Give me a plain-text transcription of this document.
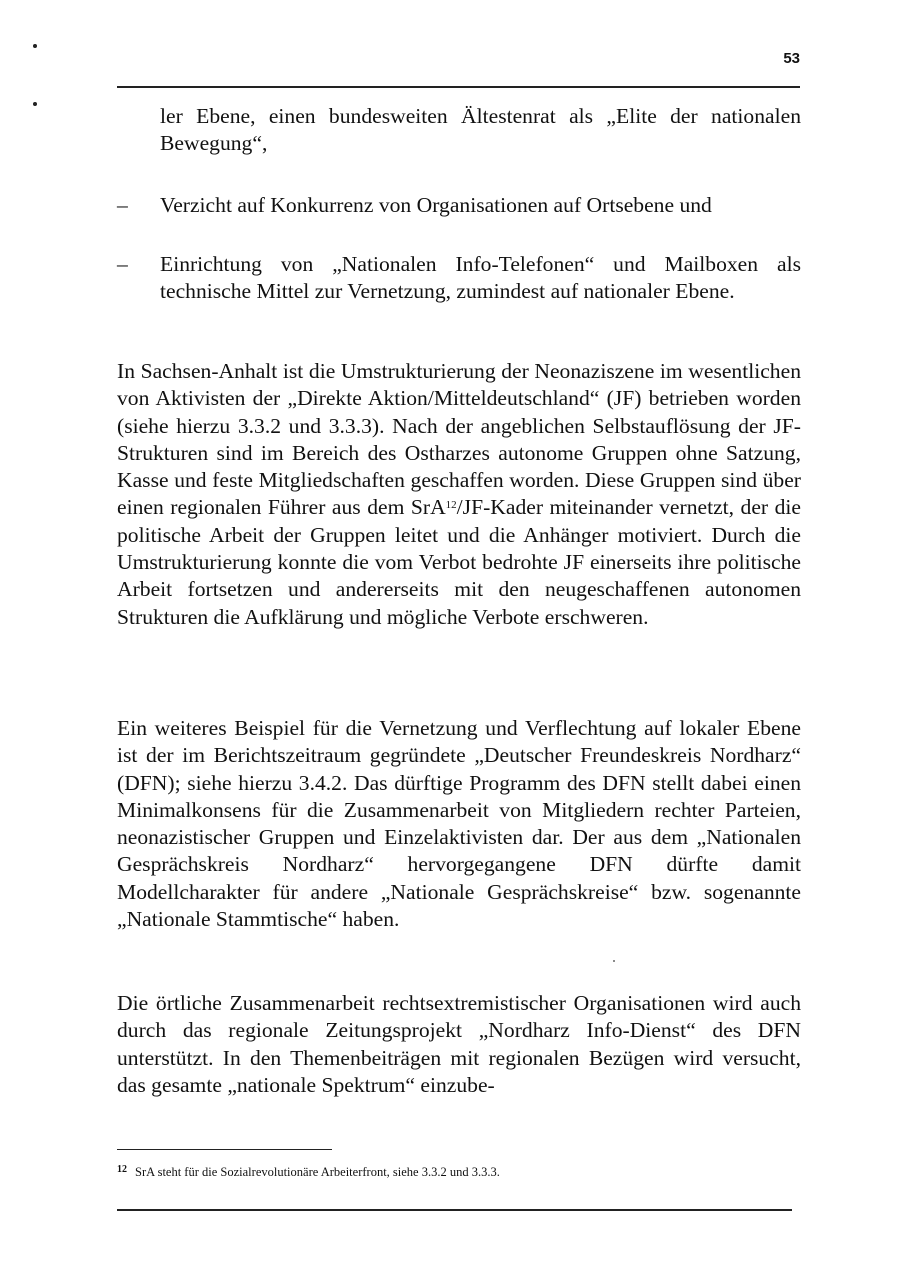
53
ler Ebene, einen bundesweiten Ältestenrat als „Elite der nationalen Bewegung“,
–	Verzicht auf Konkurrenz von Organisationen auf Ortsebene und
–	Einrichtung von „Nationalen Info-Telefonen“ und Mailboxen als technische Mittel zur Vernetzung, zumindest auf nationaler Ebene.
In Sachsen-Anhalt ist die Umstrukturierung der Neonaziszene im wesentlichen von Aktivisten der „Direkte Aktion/Mitteldeutschland“ (JF) betrieben worden (siehe hierzu 3.3.2 und 3.3.3). Nach der angeblichen Selbstauflösung der JF-Strukturen sind im Bereich des Ostharzes autonome Gruppen ohne Satzung, Kasse und feste Mitgliedschaften geschaffen worden. Diese Gruppen sind über einen regionalen Führer aus dem SrA$^{12}$/JF-Kader miteinander vernetzt, der die politische Arbeit der Gruppen leitet und die Anhänger motiviert. Durch die Umstrukturierung konnte die vom Verbot bedrohte JF einerseits ihre politische Arbeit fortsetzen und andererseits mit den neugeschaffenen autonomen Strukturen die Aufklärung und mögliche Verbote erschweren.
Ein weiteres Beispiel für die Vernetzung und Verflechtung auf lokaler Ebene ist der im Berichtszeitraum gegründete „Deutscher Freundeskreis Nordharz“ (DFN); siehe hierzu 3.4.2. Das dürftige Programm des DFN stellt dabei einen Minimalkonsens für die Zusammenarbeit von Mitgliedern rechter Parteien, neonazistischer Gruppen und Einzelaktivisten dar. Der aus dem „Nationalen Gesprächskreis Nordharz“ hervorgegangene DFN dürfte damit Modellcharakter für andere „Nationale Gesprächskreise“ bzw. sogenannte „Nationale Stammtische“ haben.
Die örtliche Zusammenarbeit rechtsextremistischer Organisationen wird auch durch das regionale Zeitungsprojekt „Nordharz Info-Dienst“ des DFN unterstützt. In den Themenbeiträgen mit regionalen Bezügen wird versucht, das gesamte „nationale Spektrum“ einzube-
$^{12}$ SrA steht für die Sozialrevolutionäre Arbeiterfront, siehe 3.3.2 und 3.3.3.
